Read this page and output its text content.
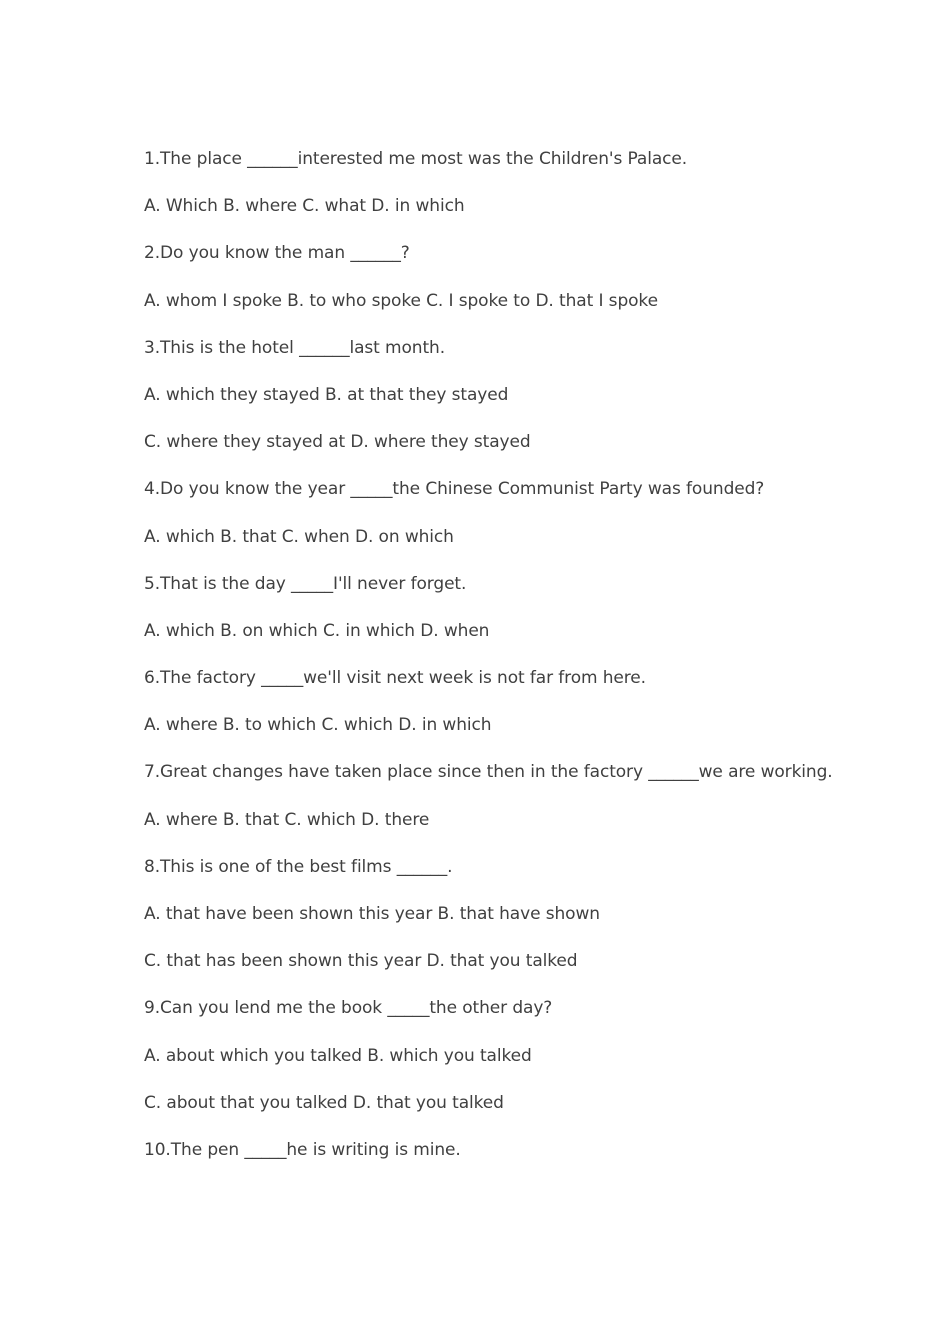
1.The place ______interested me most was the Children's Palace.

A. Which B. where C. what D. in which

2.Do you know the man ______?

A. whom I spoke B. to who spoke C. I spoke to D. that I spoke

3.This is the hotel ______last month.

A. which they stayed B. at that they stayed

C. where they stayed at D. where they stayed

4.Do you know the year _____the Chinese Communist Party was founded?

A. which B. that C. when D. on which

5.That is the day _____I'll never forget.

A. which B. on which C. in which D. when

6.The factory _____we'll visit next week is not far from here.

A. where B. to which C. which D. in which

7.Great changes have taken place since then in the factory ______we are working.

A. where B. that C. which D. there

8.This is one of the best films ______.

A. that have been shown this year B. that have shown

C. that has been shown this year D. that you talked

9.Can you lend me the book _____the other day?

A. about which you talked B. which you talked

C. about that you talked D. that you talked

10.The pen _____he is writing is mine.
